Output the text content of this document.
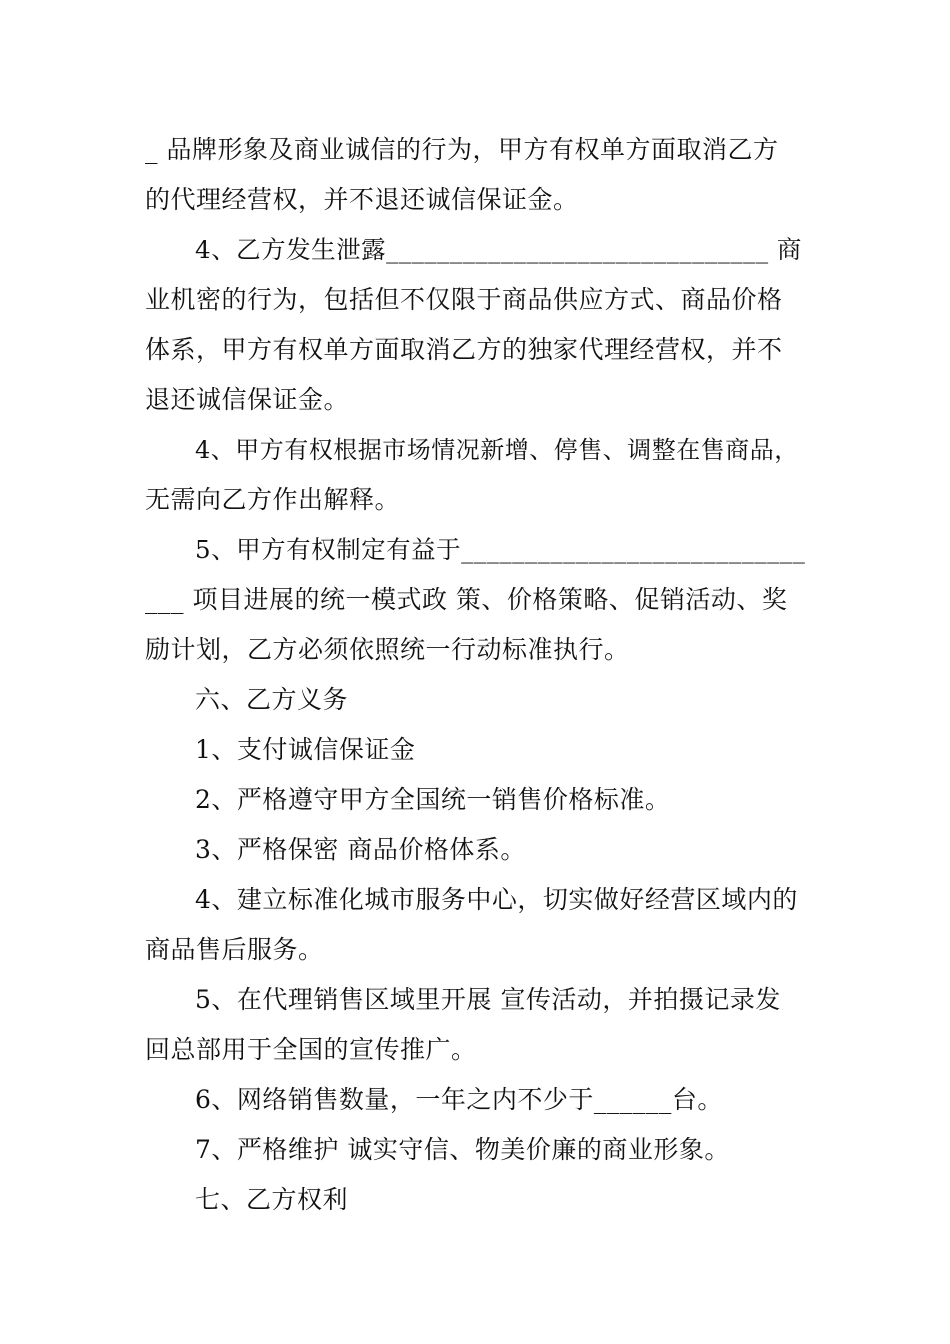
_ 品牌形象及商业诚信的行为，甲方有权单方面取消乙方
的代理经营权，并不退还诚信保证金。
4、乙方发生泄露______________________________ 商
业机密的行为，包括但不仅限于商品供应方式、商品价格
体系，甲方有权单方面取消乙方的独家代理经营权，并不
退还诚信保证金。
4、甲方有权根据市场情况新增、停售、调整在售商品，
无需向乙方作出解释。
5、甲方有权制定有益于___________________________
___ 项目进展的统一模式政 策、价格策略、促销活动、奖
励计划，乙方必须依照统一行动标准执行。
六、乙方义务
1、支付诚信保证金
2、严格遵守甲方全国统一销售价格标准。
3、严格保密 商品价格体系。
4、建立标准化城市服务中心，切实做好经营区域内的
商品售后服务。
5、在代理销售区域里开展 宣传活动，并拍摄记录发
回总部用于全国的宣传推广。
6、网络销售数量，一年之内不少于______台。
7、严格维护 诚实守信、物美价廉的商业形象。
七、乙方权利
